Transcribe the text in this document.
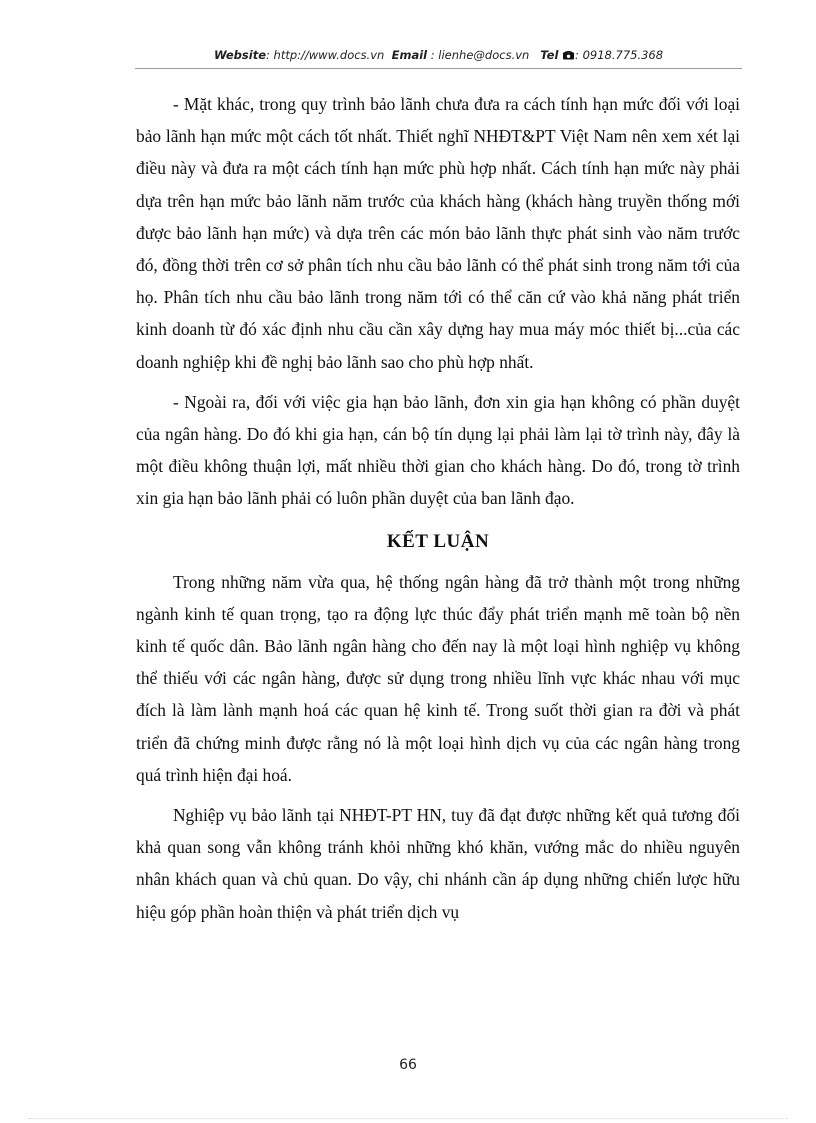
Website: http://www.docs.vn Email : lienhe@docs.vn Tel : 0918.775.368

- Mặt khác, trong quy trình bảo lãnh chưa đưa ra cách tính hạn mức đối với loại bảo lãnh hạn mức một cách tốt nhất. Thiết nghĩ NHĐT&PT Việt Nam nên xem xét lại điều này và đưa ra một cách tính hạn mức phù hợp nhất. Cách tính hạn mức này phải dựa trên hạn mức bảo lãnh năm trước của khách hàng (khách hàng truyền thống mới được bảo lãnh hạn mức) và dựa trên các món bảo lãnh thực phát sinh vào năm trước đó, đồng thời trên cơ sở phân tích nhu cầu bảo lãnh có thể phát sinh trong năm tới của họ. Phân tích nhu cầu bảo lãnh trong năm tới có thể căn cứ vào khả năng phát triển kinh doanh từ đó xác định nhu cầu cần xây dựng hay mua máy móc thiết bị...của các doanh nghiệp khi đề nghị bảo lãnh sao cho phù hợp nhất.

- Ngoài ra, đối với việc gia hạn bảo lãnh, đơn xin gia hạn không có phần duyệt của ngân hàng. Do đó khi gia hạn, cán bộ tín dụng lại phải làm lại tờ trình này, đây là một điều không thuận lợi, mất nhiều thời gian cho khách hàng. Do đó, trong tờ trình xin gia hạn bảo lãnh phải có luôn phần duyệt của ban lãnh đạo.

KẾT LUẬN

Trong những năm vừa qua, hệ thống ngân hàng đã trở thành một trong những ngành kinh tế quan trọng, tạo ra động lực thúc đẩy phát triển mạnh mẽ toàn bộ nền kinh tế quốc dân. Bảo lãnh ngân hàng cho đến nay là một loại hình nghiệp vụ không thể thiếu với các ngân hàng, được sử dụng trong nhiều lĩnh vực khác nhau với mục đích là làm lành mạnh hoá các quan hệ kinh tế. Trong suốt thời gian ra đời và phát triển đã chứng minh được rằng nó là một loại hình dịch vụ của các ngân hàng trong quá trình hiện đại hoá.

Nghiệp vụ bảo lãnh tại NHĐT-PT HN, tuy đã đạt được những kết quả tương đối khả quan song vẫn không tránh khỏi những khó khăn, vướng mắc do nhiều nguyên nhân khách quan và chủ quan. Do vậy, chi nhánh cần áp dụng những chiến lược hữu hiệu góp phần hoàn thiện và phát triển dịch vụ

66
